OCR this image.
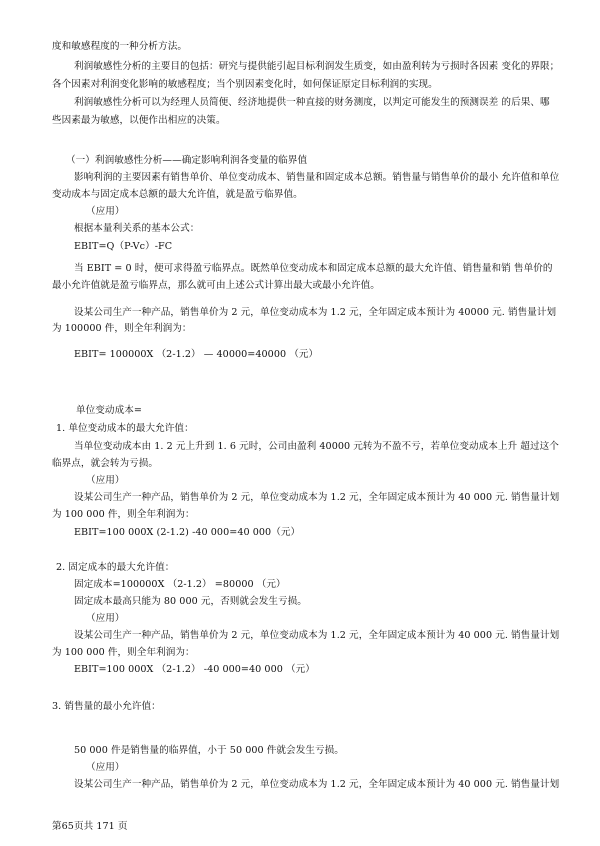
度和敏感程度的一种分析方法。
利润敏感性分析的主要目的包括：研究与提供能引起目标利润发生质变，如由盈利转为亏损时各因素 变化的界限；
各个因素对利润变化影响的敏感程度；当个别因素变化时，如何保证原定目标利润的实现。
利润敏感性分析可以为经理人员简便、经济地提供一种直接的财务测度，以判定可能发生的预测误差 的后果、哪
些因素最为敏感，以便作出相应的决策。
（一）利润敏感性分析——确定影响利润各变量的临界值
影响利润的主要因素有销售单价、单位变动成本、销售量和固定成本总额。销售量与销售单价的最小 允许值和单位
变动成本与固定成本总额的最大允许值，就是盈亏临界值。
（应用）
根据本量利关系的基本公式：
EBIT=Q（P-Vc）-FC
当 EBIT = 0 时，便可求得盈亏临界点。既然单位变动成本和固定成本总额的最大允许值、销售量和销 售单价的
最小允许值就是盈亏临界点，那么就可由上述公式计算出最大或最小允许值。
设某公司生产一种产品，销售单价为 2 元，单位变动成本为 1.2 元，全年固定成本预计为 40000 元. 销售量计划
为 100000 件，则全年利润为：
EBIT= 100000X （2-1.2） — 40000=40000 （元）
单位变动成本=
1. 单位变动成本的最大允许值：
当单位变动成本由 1. 2 元上升到 1. 6 元时，公司由盈利 40000 元转为不盈不亏，若单位变动成本上升 超过这个
临界点，就会转为亏损。
（应用）
设某公司生产一种产品，销售单价为 2 元，单位变动成本为 1.2 元，全年固定成本预计为 40 000 元. 销售量计划
为 100 000 件，则全年利润为：
EBIT=100 000X (2-1.2) -40 000=40 000（元）
2. 固定成本的最大允许值：
固定成本=100000X （2-1.2） =80000 （元）
固定成本最高只能为 80 000 元，否则就会发生亏损。
（应用）
设某公司生产一种产品，销售单价为 2 元，单位变动成本为 1.2 元，全年固定成本预计为 40 000 元. 销售量计划
为 100 000 件，则全年利润为：
EBIT=100 000X （2-1.2） -40 000=40 000 （元）
3. 销售量的最小允许值：
50 000 件是销售量的临界值，小于 50 000 件就会发生亏损。
（应用）
设某公司生产一种产品，销售单价为 2 元，单位变动成本为 1.2 元，全年固定成本预计为 40 000 元. 销售量计划
第65页共 171 页
